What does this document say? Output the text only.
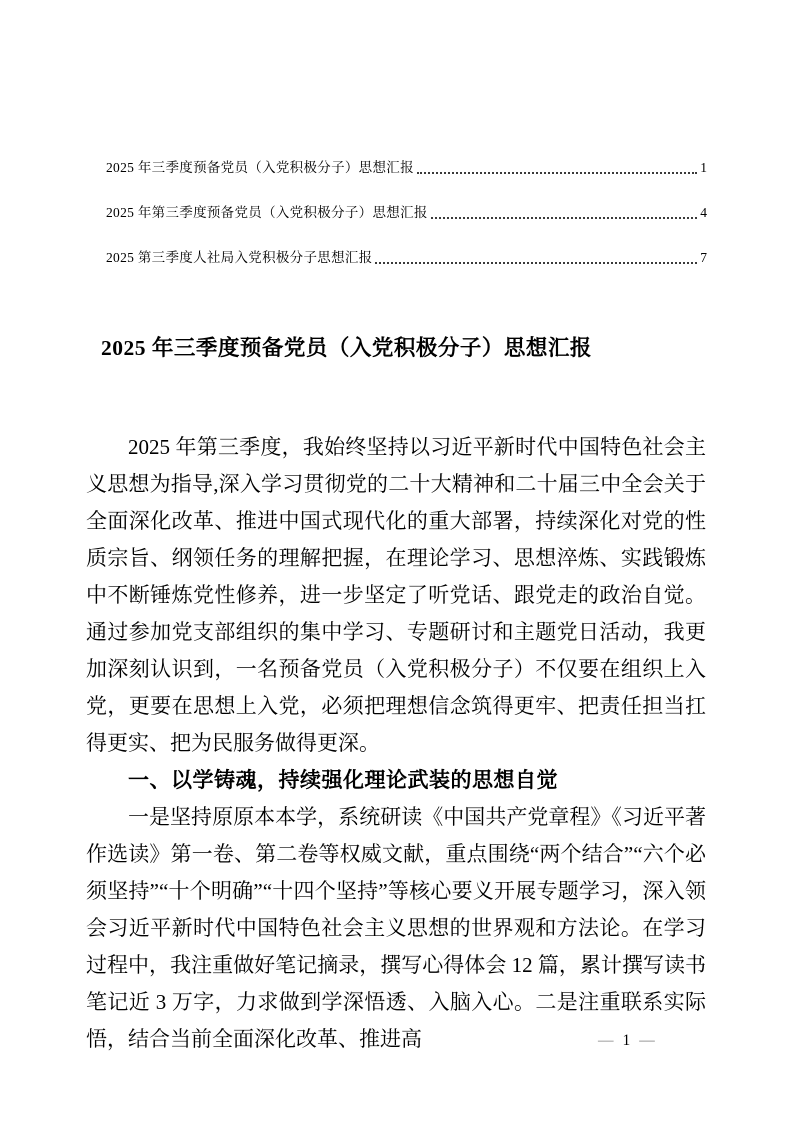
2025 年三季度预备党员（入党积极分子）思想汇报	1
2025 年第三季度预备党员（入党积极分子）思想汇报	4
2025 第三季度人社局入党积极分子思想汇报	7
2025 年三季度预备党员（入党积极分子）思想汇报

2025 年第三季度，我始终坚持以习近平新时代中国特色社会主义思想为指导,深入学习贯彻党的二十大精神和二十届三中全会关于全面深化改革、推进中国式现代化的重大部署，持续深化对党的性质宗旨、纲领任务的理解把握，在理论学习、思想淬炼、实践锻炼中不断锤炼党性修养，进一步坚定了听党话、跟党走的政治自觉。通过参加党支部组织的集中学习、专题研讨和主题党日活动，我更加深刻认识到，一名预备党员（入党积极分子）不仅要在组织上入党，更要在思想上入党，必须把理想信念筑得更牢、把责任担当扛得更实、把为民服务做得更深。

一、以学铸魂，持续强化理论武装的思想自觉

一是坚持原原本本学，系统研读《中国共产党章程》《习近平著作选读》第一卷、第二卷等权威文献，重点围绕“两个结合”“六个必须坚持”“十个明确”“十四个坚持”等核心要义开展专题学习，深入领会习近平新时代中国特色社会主义思想的世界观和方法论。在学习过程中，我注重做好笔记摘录，撰写心得体会 12 篇，累计撰写读书笔记近 3 万字，力求做到学深悟透、入脑入心。二是注重联系实际悟，结合当前全面深化改革、推进高	— 1 —
